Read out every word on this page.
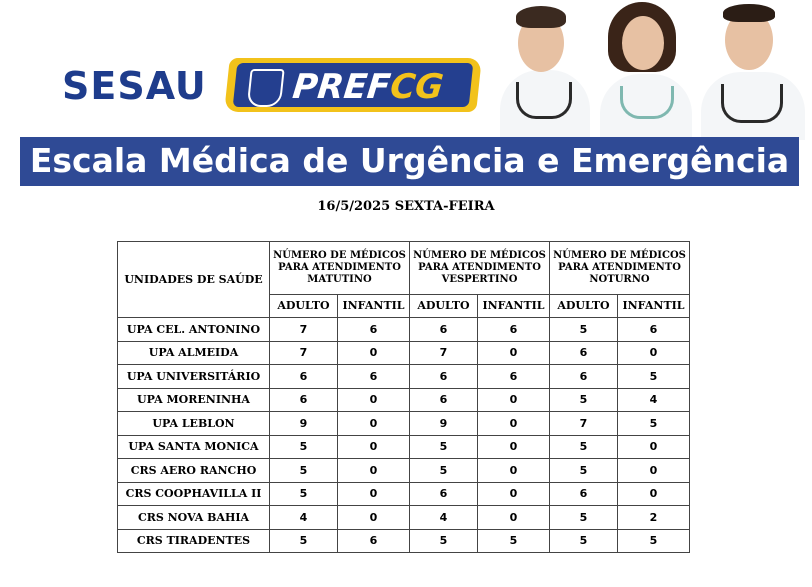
SESAU PREFCG
Escala Médica de Urgência e Emergência
16/5/2025 SEXTA-FEIRA
UNIDADES DE SAÚDE	NÚMERO DE MÉDICOS PARA ATENDIMENTO MATUTINO		NÚMERO DE MÉDICOS PARA ATENDIMENTO VESPERTINO		NÚMERO DE MÉDICOS PARA ATENDIMENTO NOTURNO	
	ADULTO	INFANTIL	ADULTO	INFANTIL	ADULTO	INFANTIL
UPA CEL. ANTONINO	7	6	6	6	5	6
UPA ALMEIDA	7	0	7	0	6	0
UPA UNIVERSITÁRIO	6	6	6	6	6	5
UPA MORENINHA	6	0	6	0	5	4
UPA LEBLON	9	0	9	0	7	5
UPA SANTA MONICA	5	0	5	0	5	0
CRS AERO RANCHO	5	0	5	0	5	0
CRS COOPHAVILLA II	5	0	6	0	6	0
CRS NOVA BAHIA	4	0	4	0	5	2
CRS TIRADENTES	5	6	5	5	5	5
